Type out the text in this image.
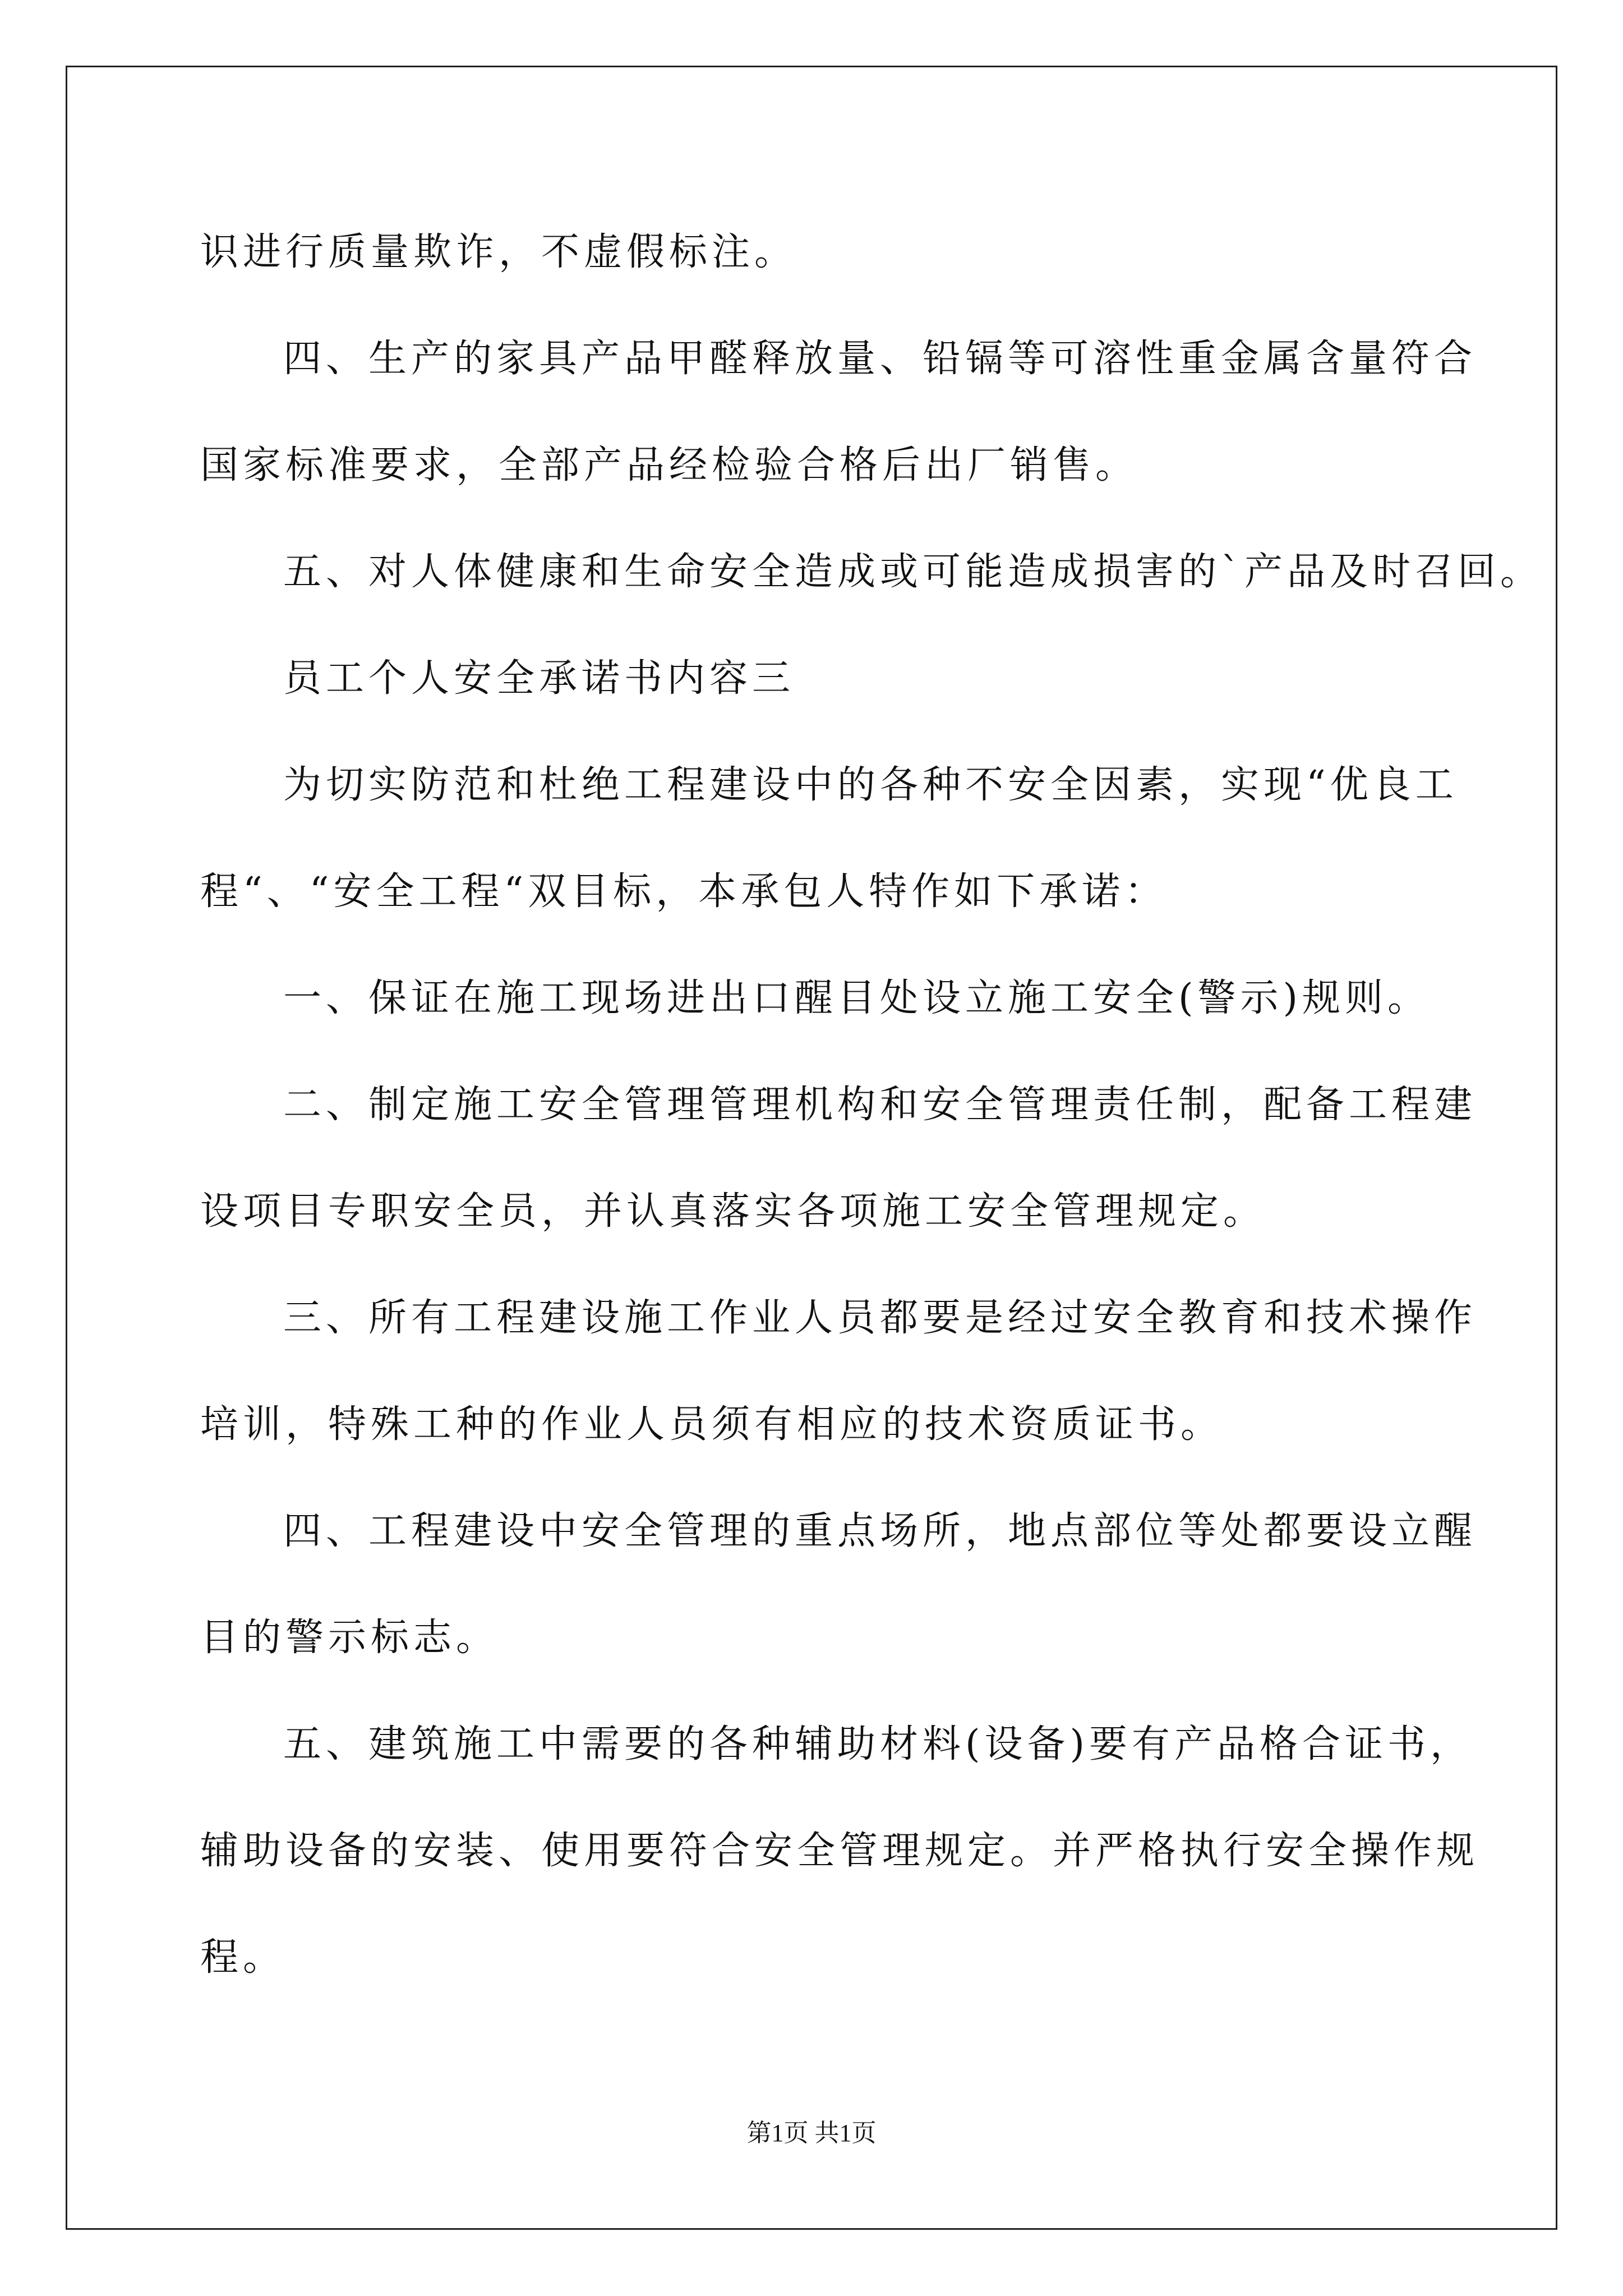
识进行质量欺诈，不虚假标注。
四、生产的家具产品甲醛释放量、铅镉等可溶性重金属含量符合
国家标准要求，全部产品经检验合格后出厂销售。
五、对人体健康和生命安全造成或可能造成损害的`产品及时召回。
员工个人安全承诺书内容三
为切实防范和杜绝工程建设中的各种不安全因素，实现“优良工
程“、“安全工程“双目标，本承包人特作如下承诺：
一、保证在施工现场进出口醒目处设立施工安全(警示)规则。
二、制定施工安全管理管理机构和安全管理责任制，配备工程建
设项目专职安全员，并认真落实各项施工安全管理规定。
三、所有工程建设施工作业人员都要是经过安全教育和技术操作
培训，特殊工种的作业人员须有相应的技术资质证书。
四、工程建设中安全管理的重点场所，地点部位等处都要设立醒
目的警示标志。
五、建筑施工中需要的各种辅助材料(设备)要有产品格合证书，
辅助设备的安装、使用要符合安全管理规定。并严格执行安全操作规
程。
第1页 共1页
